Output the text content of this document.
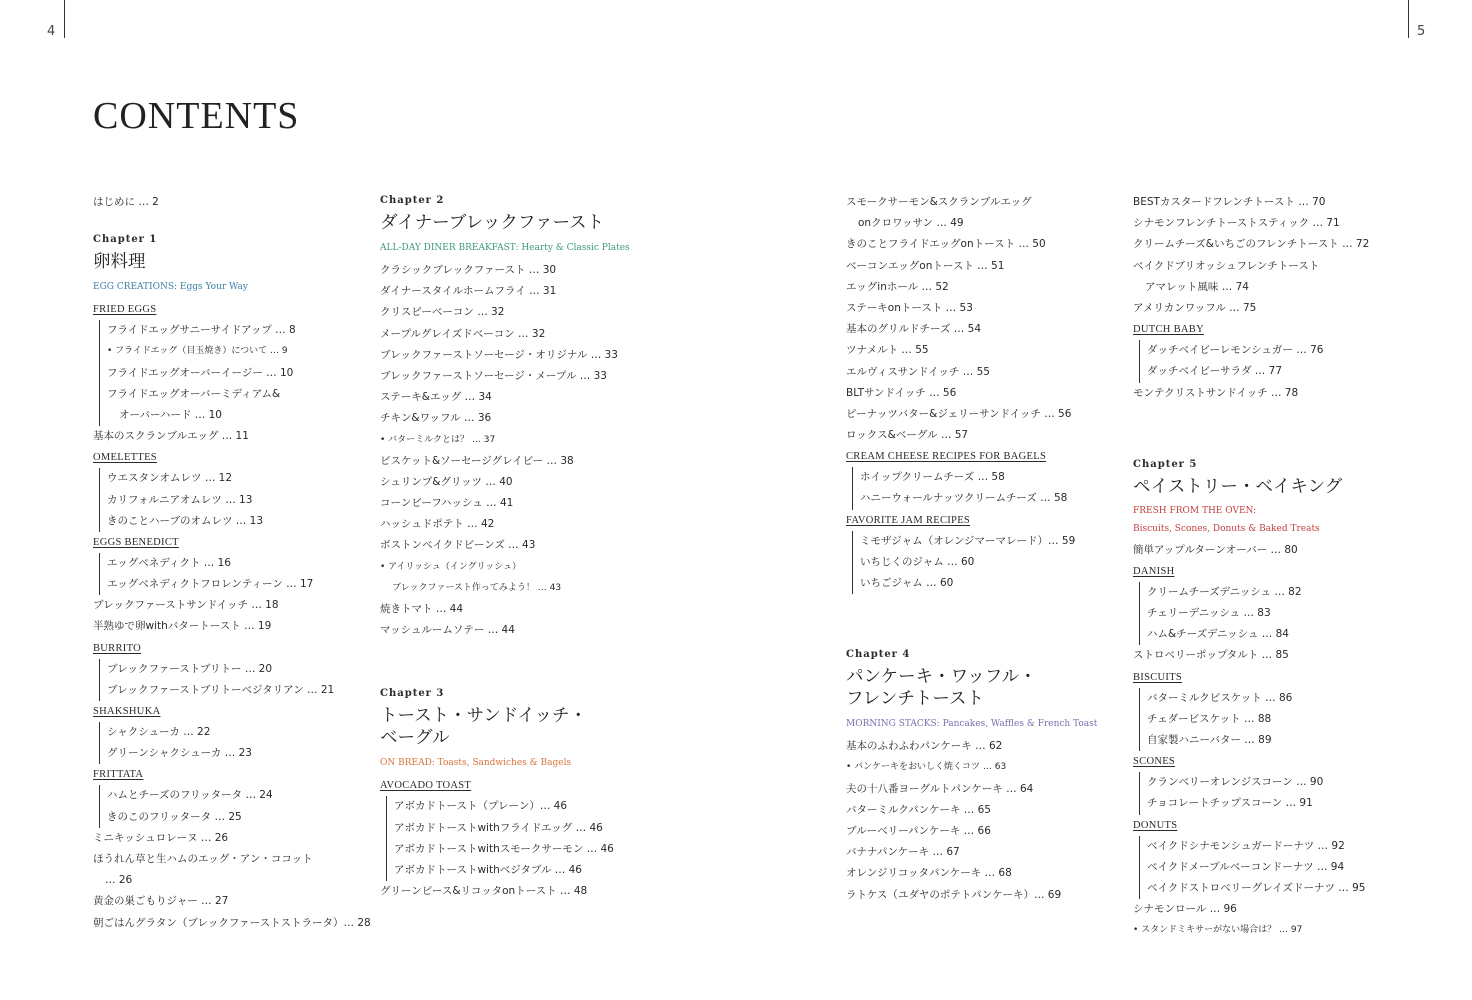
4	5
CONTENTS
はじめに … 2
Chapter 1
卵料理
EGG CREATIONS: Eggs Your Way
FRIED EGGS
フライドエッグサニーサイドアップ … 8
• フライドエッグ（目玉焼き）について … 9
フライドエッグオーバーイージー … 10
フライドエッグオーバーミディアム&
オーバーハード … 10
基本のスクランブルエッグ … 11
OMELETTES
ウエスタンオムレツ … 12
カリフォルニアオムレツ … 13
きのことハーブのオムレツ … 13
EGGS BENEDICT
エッグベネディクト … 16
エッグベネディクトフロレンティーン … 17
ブレックファーストサンドイッチ … 18
半熟ゆで卵withバタートースト … 19
BURRITO
ブレックファーストブリトー … 20
ブレックファーストブリトーベジタリアン … 21
SHAKSHUKA
シャクシューカ … 22
グリーンシャクシューカ … 23
FRITTATA
ハムとチーズのフリッタータ … 24
きのこのフリッタータ … 25
ミニキッシュロレーヌ … 26
ほうれん草と生ハムのエッグ・アン・ココット
… 26
黄金の巣ごもりジャー … 27
朝ごはんグラタン（ブレックファーストストラータ）… 28
Chapter 2
ダイナーブレックファースト
ALL-DAY DINER BREAKFAST: Hearty & Classic Plates
クラシックブレックファースト … 30
ダイナースタイルホームフライ … 31
クリスピーベーコン … 32
メープルグレイズドベーコン … 32
ブレックファーストソーセージ・オリジナル … 33
ブレックファーストソーセージ・メープル … 33
ステーキ&エッグ … 34
チキン&ワッフル … 36
• バターミルクとは？ … 37
ビスケット&ソーセージグレイビー … 38
シュリンプ&グリッツ … 40
コーンビーフハッシュ … 41
ハッシュドポテト … 42
ボストンベイクドビーンズ … 43
• アイリッシュ（イングリッシュ）
ブレックファースト作ってみよう！ … 43
焼きトマト … 44
マッシュルームソテー … 44
Chapter 3
トースト・サンドイッチ・
ベーグル
ON BREAD: Toasts, Sandwiches & Bagels
AVOCADO TOAST
アボカドトースト（プレーン）… 46
アボカドトーストwithフライドエッグ … 46
アボカドトーストwithスモークサーモン … 46
アボカドトーストwithベジタブル … 46
グリーンピース&リコッタonトースト … 48
スモークサーモン&スクランブルエッグ
onクロワッサン … 49
きのことフライドエッグonトースト … 50
ベーコンエッグonトースト … 51
エッグinホール … 52
ステーキonトースト … 53
基本のグリルドチーズ … 54
ツナメルト … 55
エルヴィスサンドイッチ … 55
BLTサンドイッチ … 56
ピーナッツバター&ジェリーサンドイッチ … 56
ロックス&ベーグル … 57
CREAM CHEESE RECIPES FOR BAGELS
ホイップクリームチーズ … 58
ハニーウォールナッツクリームチーズ … 58
FAVORITE JAM RECIPES
ミモザジャム（オレンジマーマレード）… 59
いちじくのジャム … 60
いちごジャム … 60
Chapter 4
パンケーキ・ワッフル・
フレンチトースト
MORNING STACKS: Pancakes, Waffles & French Toast
基本のふわふわパンケーキ … 62
• パンケーキをおいしく焼くコツ … 63
夫の十八番ヨーグルトパンケーキ … 64
バターミルクパンケーキ … 65
ブルーベリーパンケーキ … 66
バナナパンケーキ … 67
オレンジリコッタパンケーキ … 68
ラトケス（ユダヤのポテトパンケーキ）… 69
BESTカスタードフレンチトースト … 70
シナモンフレンチトーストスティック … 71
クリームチーズ&いちごのフレンチトースト … 72
ベイクドブリオッシュフレンチトースト
アマレット風味 … 74
アメリカンワッフル … 75
DUTCH BABY
ダッチベイビーレモンシュガー … 76
ダッチベイビーサラダ … 77
モンテクリストサンドイッチ … 78
Chapter 5
ペイストリー・ベイキング
FRESH FROM THE OVEN:
Biscuits, Scones, Donuts & Baked Treats
簡単アップルターンオーバー … 80
DANISH
クリームチーズデニッシュ … 82
チェリーデニッシュ … 83
ハム&チーズデニッシュ … 84
ストロベリーポップタルト … 85
BISCUITS
バターミルクビスケット … 86
チェダービスケット … 88
自家製ハニーバター … 89
SCONES
クランベリーオレンジスコーン … 90
チョコレートチップスコーン … 91
DONUTS
ベイクドシナモンシュガードーナツ … 92
ベイクドメープルベーコンドーナツ … 94
ベイクドストロベリーグレイズドーナツ … 95
シナモンロール … 96
• スタンドミキサーがない場合は？ … 97
